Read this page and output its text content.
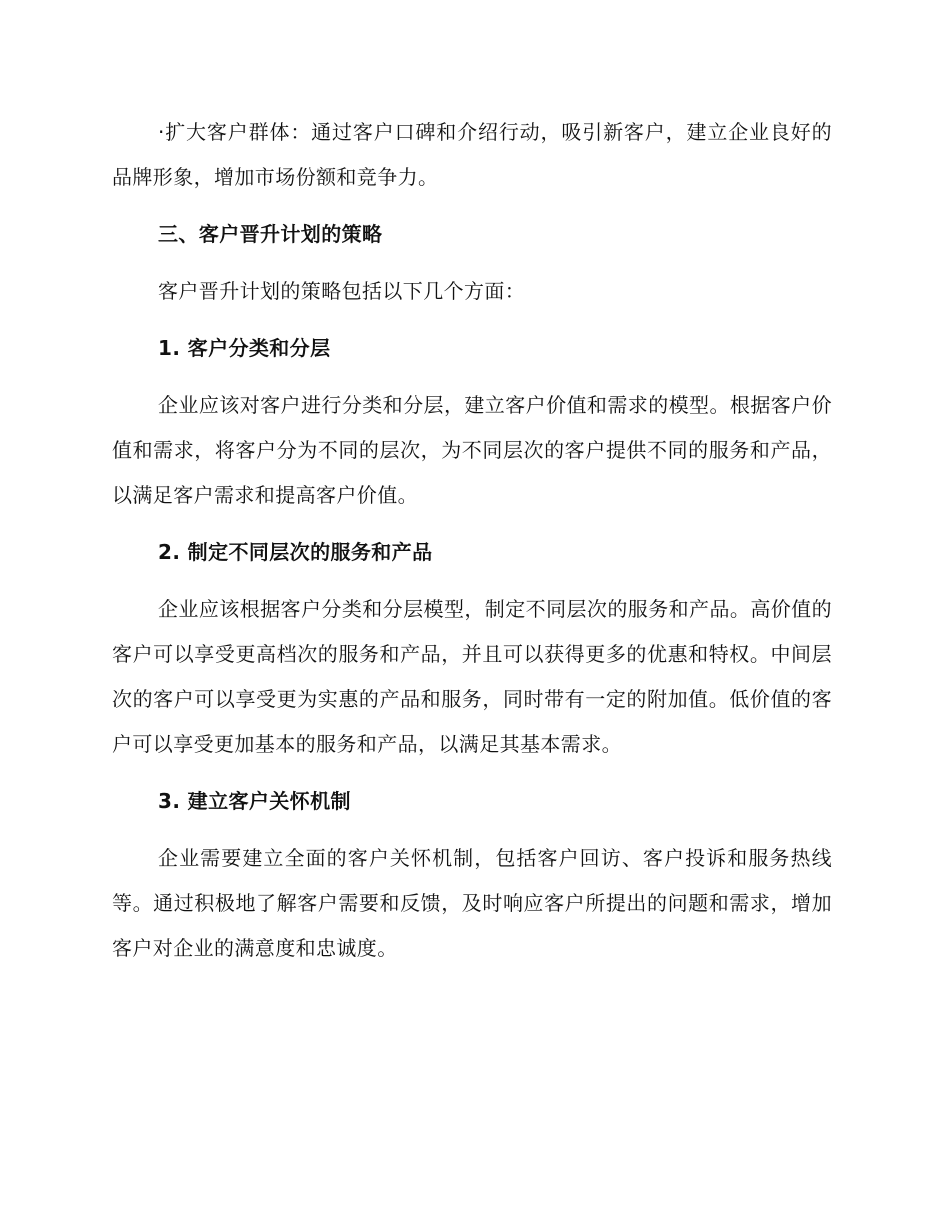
·扩大客户群体：通过客户口碑和介绍行动，吸引新客户，建立企业良好的品牌形象，增加市场份额和竞争力。

三、客户晋升计划的策略

客户晋升计划的策略包括以下几个方面：

1. 客户分类和分层

企业应该对客户进行分类和分层，建立客户价值和需求的模型。根据客户价值和需求，将客户分为不同的层次，为不同层次的客户提供不同的服务和产品，以满足客户需求和提高客户价值。

2. 制定不同层次的服务和产品

企业应该根据客户分类和分层模型，制定不同层次的服务和产品。高价值的客户可以享受更高档次的服务和产品，并且可以获得更多的优惠和特权。中间层次的客户可以享受更为实惠的产品和服务，同时带有一定的附加值。低价值的客户可以享受更加基本的服务和产品，以满足其基本需求。

3. 建立客户关怀机制

企业需要建立全面的客户关怀机制，包括客户回访、客户投诉和服务热线等。通过积极地了解客户需要和反馈，及时响应客户所提出的问题和需求，增加客户对企业的满意度和忠诚度。
